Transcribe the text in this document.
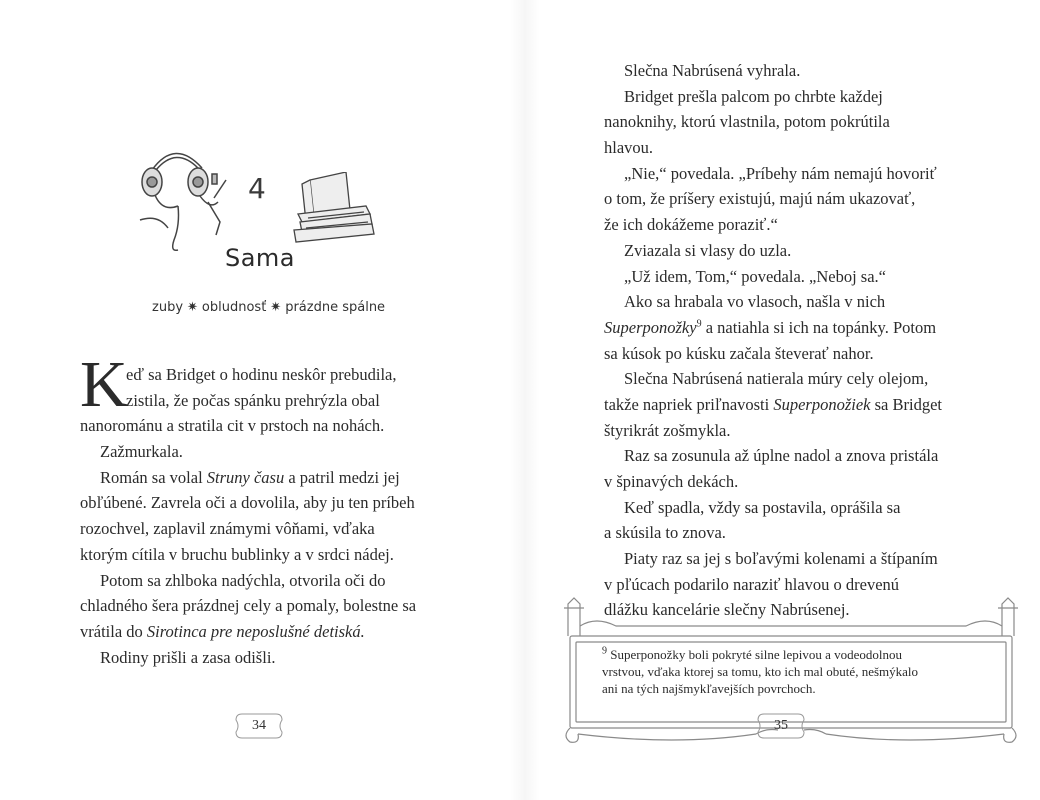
4
Sama
zuby ✷ obludnosť ✷ prázdne spálne
K
eď sa Bridget o hodinu neskôr prebudila,
zistila, že počas spánku prehrýzla obal
nanorománu a stratila cit v prstoch na nohách.
Zažmurkala.
Román sa volal Struny času a patril medzi jej
obľúbené. Zavrela oči a dovolila, aby ju ten príbeh
rozochvel, zaplavil známymi vôňami, vďaka
ktorým cítila v bruchu bublinky a v srdci nádej.
Potom sa zhlboka nadýchla, otvorila oči do
chladného šera prázdnej cely a pomaly, bolestne sa
vrátila do Sirotinca pre neposlušné detiská.
Rodiny prišli a zasa odišli.
34
Slečna Nabrúsená vyhrala.
Bridget prešla palcom po chrbte každej
nanoknihy, ktorú vlastnila, potom pokrútila
hlavou.
„Nie,“ povedala. „Príbehy nám nemajú hovoriť
o tom, že príšery existujú, majú nám ukazovať,
že ich dokážeme poraziť.“
Zviazala si vlasy do uzla.
„Už idem, Tom,“ povedala. „Neboj sa.“
Ako sa hrabala vo vlasoch, našla v nich
Superponožky$^9$ a natiahla si ich na topánky. Potom
sa kúsok po kúsku začala števerať nahor.
Slečna Nabrúsená natierala múry cely olejom,
takže napriek priľnavosti Superponožiek sa Bridget
štyrikrát zošmykla.
Raz sa zosunula až úplne nadol a znova pristála
v špinavých dekách.
Keď spadla, vždy sa postavila, oprášila sa
a skúsila to znova.
Piaty raz sa jej s boľavými kolenami a štípaním
v pľúcach podarilo naraziť hlavou o drevenú
dlážku kancelárie slečny Nabrúsenej.
$^9$ Superponožky boli pokryté silne lepivou a vodeodolnou
vrstvou, vďaka ktorej sa tomu, kto ich mal obuté, nešmýkalo
ani na tých najšmykľavejších povrchoch.
35
